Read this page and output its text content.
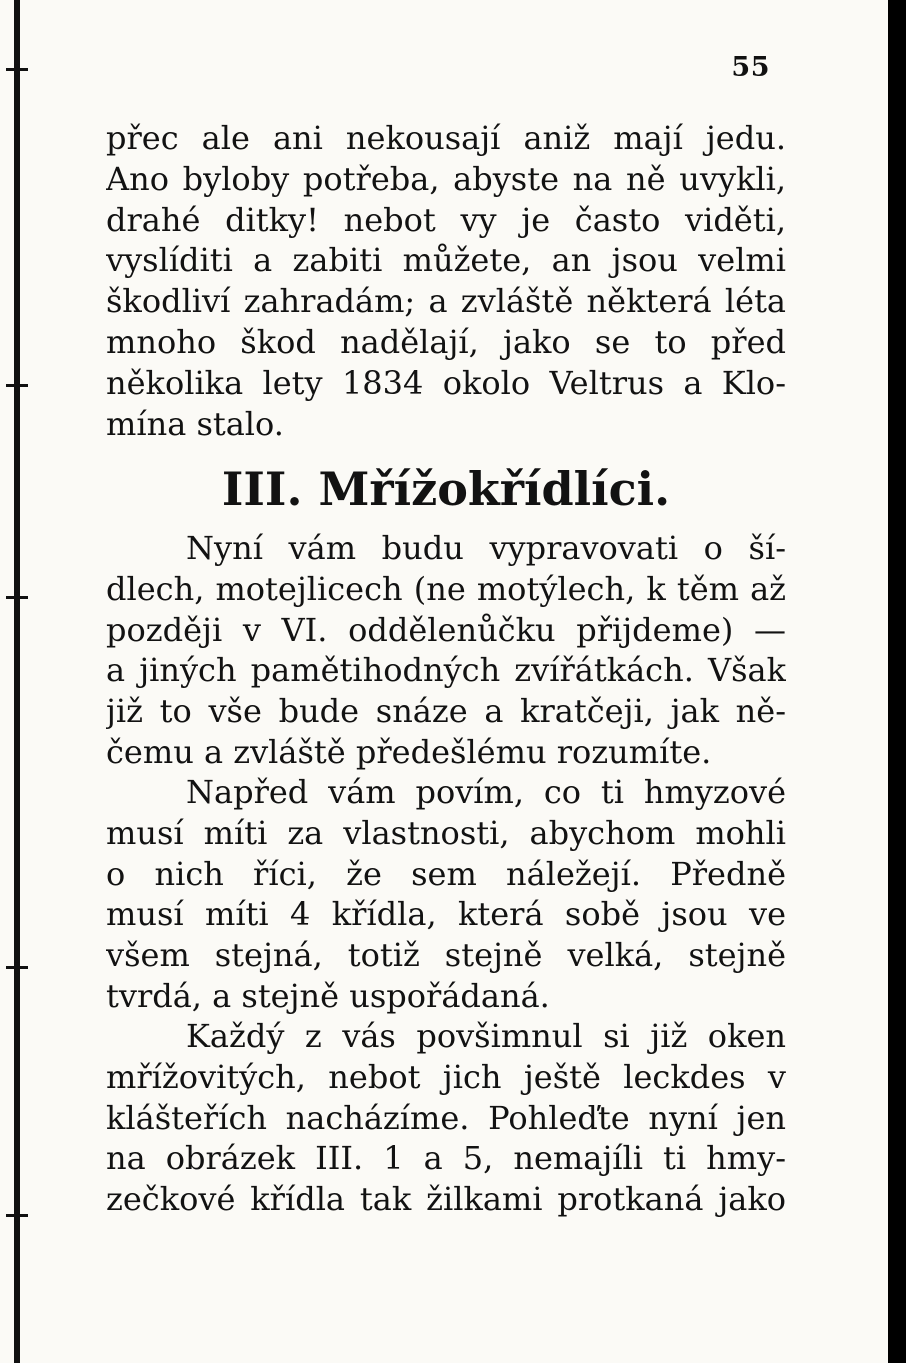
55
přec ale ani nekousají aniž mají jedu.
Ano byloby potřeba, abyste na ně uvykli,
drahé ditky! nebot vy je často viděti,
vyslíditi a zabiti můžete, an jsou velmi
škodliví zahradám; a zvláště některá léta
mnoho škod nadělají, jako se to před
několika lety 1834 okolo Veltrus a Klo-
mína stalo.
III. Mřížokřídlíci.
Nyní vám budu vypravovati o ší-
dlech, motejlicech (ne motýlech, k těm až
později v VI. oddělenůčku přijdeme) —
a jiných pamětihodných zvířátkách. Však
již to vše bude snáze a kratčeji, jak ně-
čemu a zvláště předešlému rozumíte.
Napřed vám povím, co ti hmyzové
musí míti za vlastnosti, abychom mohli
o nich říci, že sem náležejí. Předně
musí míti 4 křídla, která sobě jsou ve
všem stejná, totiž stejně velká, stejně
tvrdá, a stejně uspořádaná.
Každý z vás povšimnul si již oken
mřížovitých, nebot jich ještě leckdes v
klášteřích nacházíme. Pohleďte nyní jen
na obrázek III. 1 a 5, nemajíli ti hmy-
zečkové křídla tak žilkami protkaná jako
